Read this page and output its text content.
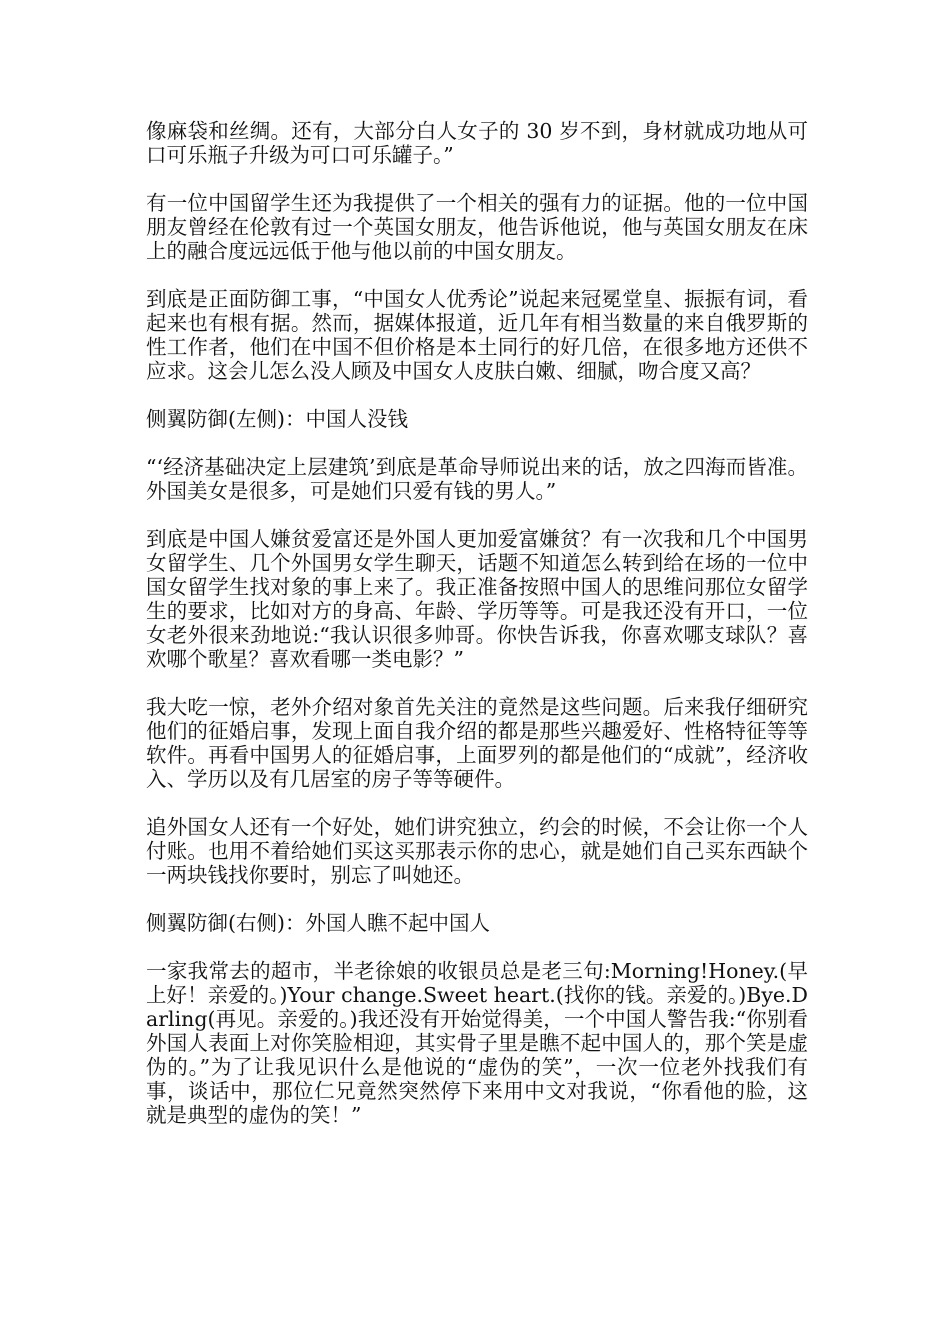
像麻袋和丝绸。还有，大部分白人女子的 30 岁不到，身材就成功地从可口可乐瓶子升级为可口可乐罐子。”

有一位中国留学生还为我提供了一个相关的强有力的证据。他的一位中国朋友曾经在伦敦有过一个英国女朋友，他告诉他说，他与英国女朋友在床上的融合度远远低于他与他以前的中国女朋友。

到底是正面防御工事，“中国女人优秀论”说起来冠冕堂皇、振振有词，看起来也有根有据。然而，据媒体报道，近几年有相当数量的来自俄罗斯的性工作者，他们在中国不但价格是本土同行的好几倍，在很多地方还供不应求。这会儿怎么没人顾及中国女人皮肤白嫩、细腻，吻合度又高？

侧翼防御(左侧)：中国人没钱

“‘经济基础决定上层建筑’到底是革命导师说出来的话，放之四海而皆准。外国美女是很多，可是她们只爱有钱的男人。”

到底是中国人嫌贫爱富还是外国人更加爱富嫌贫？有一次我和几个中国男女留学生、几个外国男女学生聊天，话题不知道怎么转到给在场的一位中国女留学生找对象的事上来了。我正准备按照中国人的思维问那位女留学生的要求，比如对方的身高、年龄、学历等等。可是我还没有开口，一位女老外很来劲地说:“我认识很多帅哥。你快告诉我，你喜欢哪支球队？喜欢哪个歌星？喜欢看哪一类电影？”

我大吃一惊，老外介绍对象首先关注的竟然是这些问题。后来我仔细研究他们的征婚启事，发现上面自我介绍的都是那些兴趣爱好、性格特征等等软件。再看中国男人的征婚启事，上面罗列的都是他们的“成就”，经济收入、学历以及有几居室的房子等等硬件。

追外国女人还有一个好处，她们讲究独立，约会的时候，不会让你一个人付账。也用不着给她们买这买那表示你的忠心，就是她们自己买东西缺个一两块钱找你要时，别忘了叫她还。

侧翼防御(右侧)：外国人瞧不起中国人

一家我常去的超市，半老徐娘的收银员总是老三句:Morning!Honey.(早上好！亲爱的。)Your change.Sweet heart.(找你的钱。亲爱的。)Bye.Darling(再见。亲爱的。)我还没有开始觉得美，一个中国人警告我:“你别看外国人表面上对你笑脸相迎，其实骨子里是瞧不起中国人的，那个笑是虚伪的。”为了让我见识什么是他说的“虚伪的笑”，一次一位老外找我们有事，谈话中，那位仁兄竟然突然停下来用中文对我说，“你看他的脸，这就是典型的虚伪的笑！”
